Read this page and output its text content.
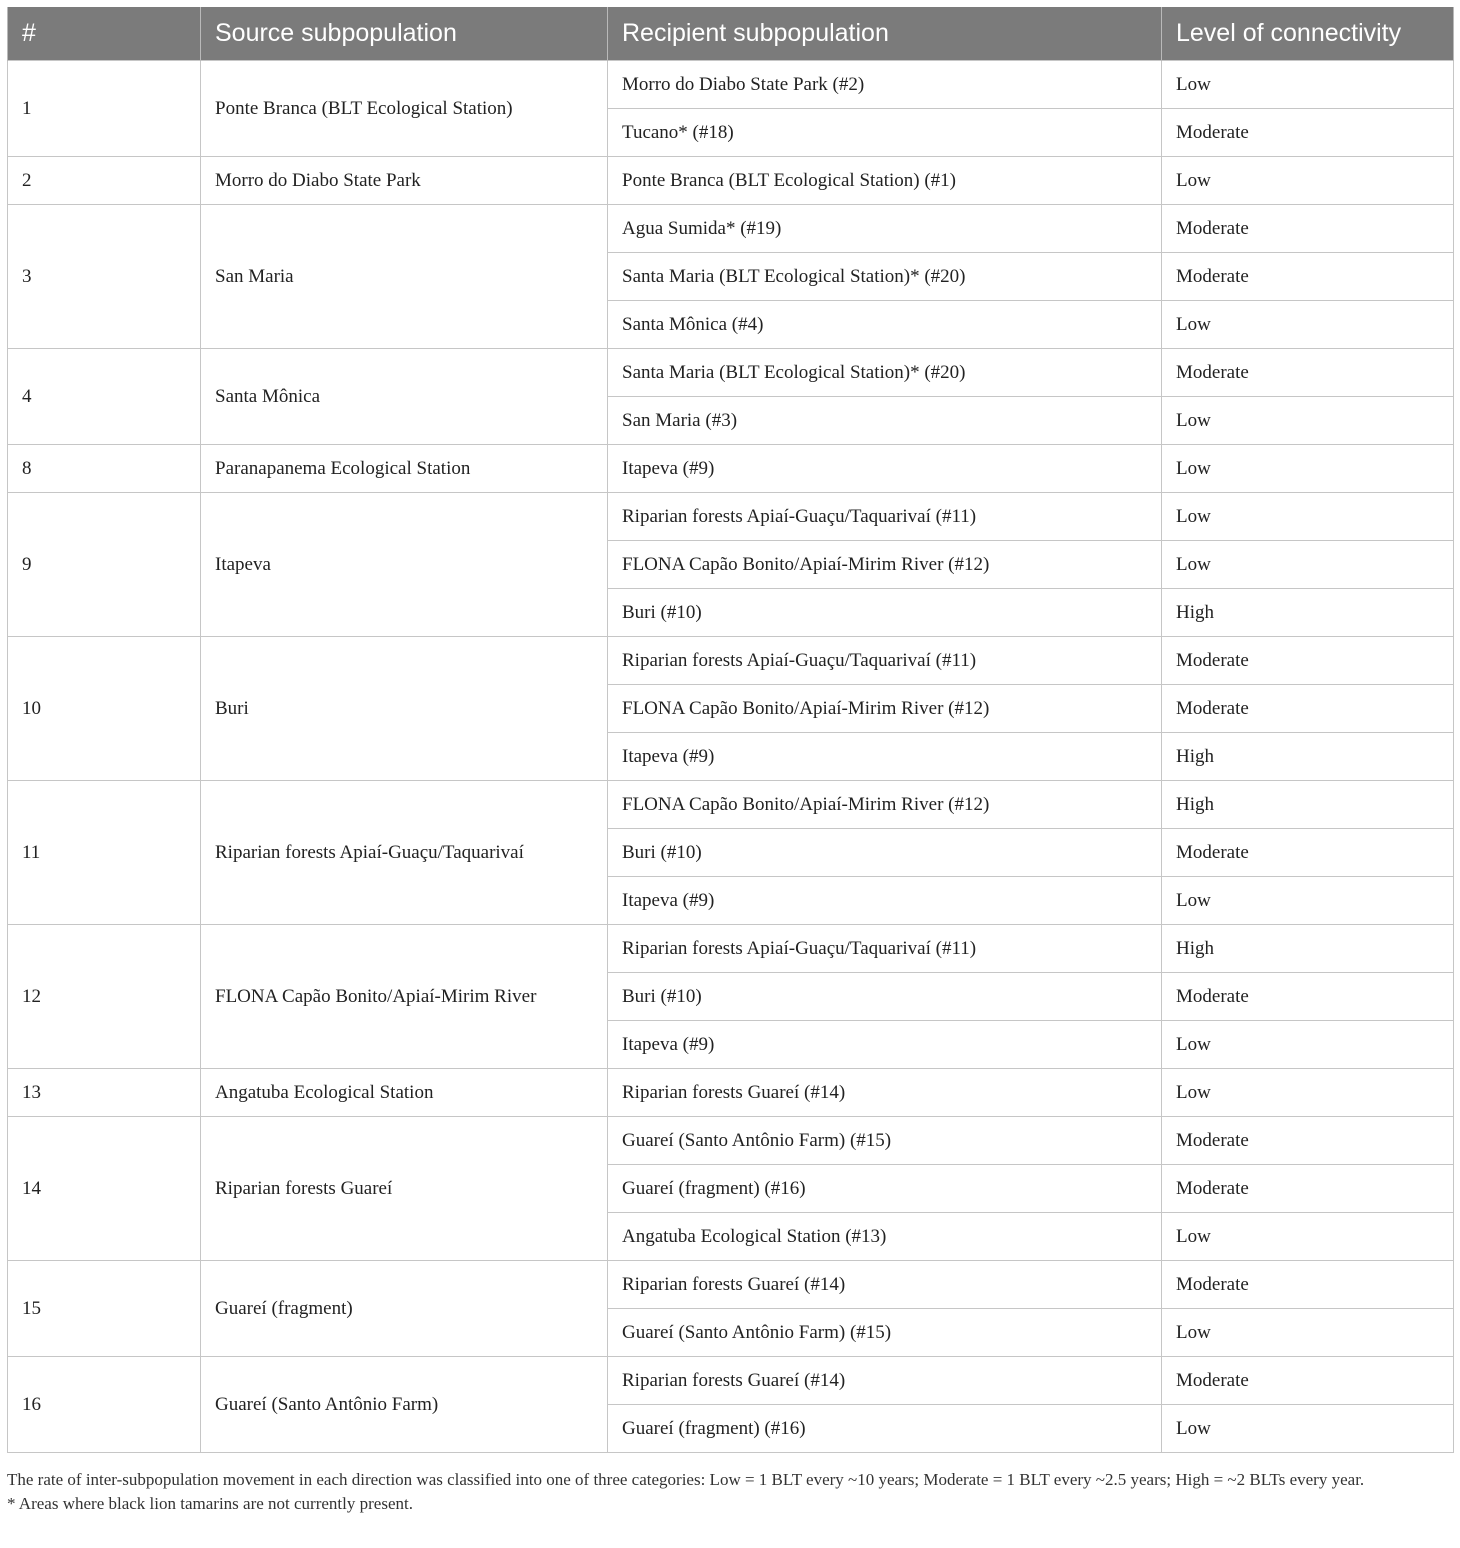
#	Source subpopulation	Recipient subpopulation	Level of connectivity
1	Ponte Branca (BLT Ecological Station)	Morro do Diabo State Park (#2)	Low
		Tucano* (#18)	Moderate
2	Morro do Diabo State Park	Ponte Branca (BLT Ecological Station) (#1)	Low
3	San Maria	Agua Sumida* (#19)	Moderate
		Santa Maria (BLT Ecological Station)* (#20)	Moderate
		Santa Mônica (#4)	Low
4	Santa Mônica	Santa Maria (BLT Ecological Station)* (#20)	Moderate
		San Maria (#3)	Low
8	Paranapanema Ecological Station	Itapeva (#9)	Low
9	Itapeva	Riparian forests Apiaí-Guaçu/Taquarivaí (#11)	Low
		FLONA Capão Bonito/Apiaí-Mirim River (#12)	Low
		Buri (#10)	High
10	Buri	Riparian forests Apiaí-Guaçu/Taquarivaí (#11)	Moderate
		FLONA Capão Bonito/Apiaí-Mirim River (#12)	Moderate
		Itapeva (#9)	High
11	Riparian forests Apiaí-Guaçu/Taquarivaí	FLONA Capão Bonito/Apiaí-Mirim River (#12)	High
		Buri (#10)	Moderate
		Itapeva (#9)	Low
12	FLONA Capão Bonito/Apiaí-Mirim River	Riparian forests Apiaí-Guaçu/Taquarivaí (#11)	High
		Buri (#10)	Moderate
		Itapeva (#9)	Low
13	Angatuba Ecological Station	Riparian forests Guareí (#14)	Low
14	Riparian forests Guareí	Guareí (Santo Antônio Farm) (#15)	Moderate
		Guareí (fragment) (#16)	Moderate
		Angatuba Ecological Station (#13)	Low
15	Guareí (fragment)	Riparian forests Guareí (#14)	Moderate
		Guareí (Santo Antônio Farm) (#15)	Low
16	Guareí (Santo Antônio Farm)	Riparian forests Guareí (#14)	Moderate
		Guareí (fragment) (#16)	Low

The rate of inter-subpopulation movement in each direction was classified into one of three categories: Low = 1 BLT every ~10 years; Moderate = 1 BLT every ~2.5 years; High = ~2 BLTs every year.

* Areas where black lion tamarins are not currently present.
